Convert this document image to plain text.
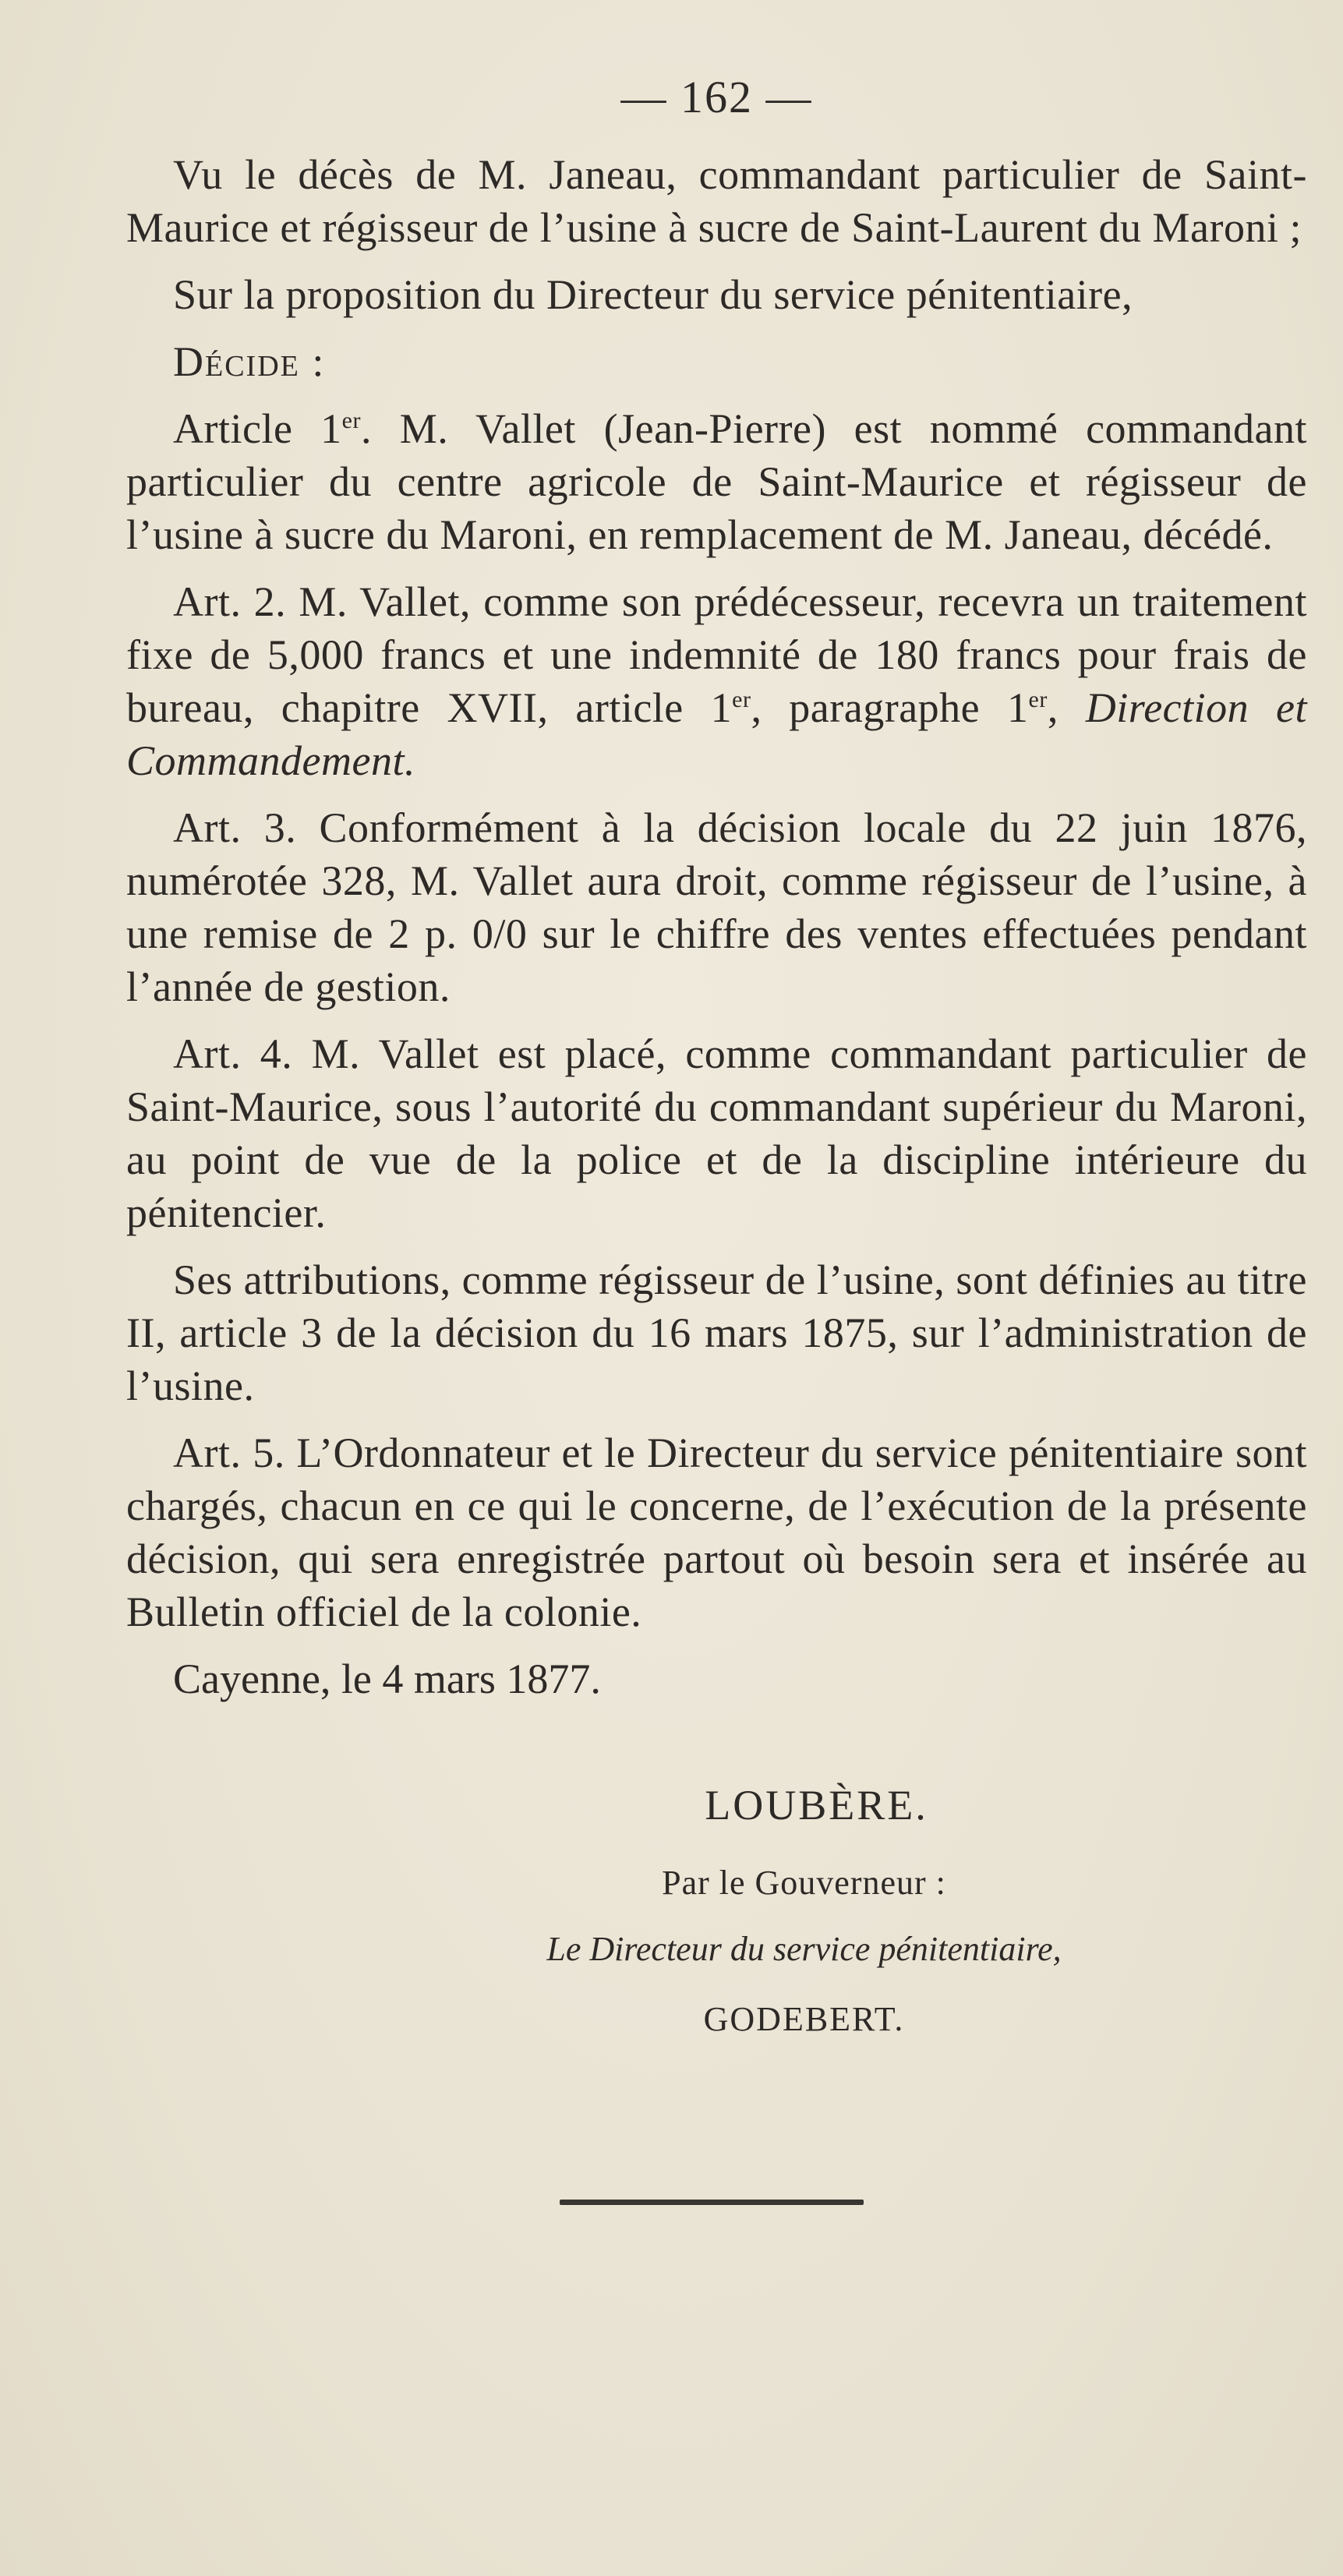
— 162 —

Vu le décès de M. Janeau, commandant particulier de Saint-Maurice et régisseur de l’usine à sucre de Saint-Laurent du Maroni ;

Sur la proposition du Directeur du service pénitentiaire,

Décide :

Article 1er. M. Vallet (Jean-Pierre) est nommé commandant particulier du centre agricole de Saint-Maurice et régisseur de l’usine à sucre du Maroni, en remplacement de M. Janeau, décédé.

Art. 2. M. Vallet, comme son prédécesseur, recevra un traitement fixe de 5,000 francs et une indemnité de 180 francs pour frais de bureau, chapitre XVII, article 1er, paragraphe 1er, Direction et Commandement.

Art. 3. Conformément à la décision locale du 22 juin 1876, numérotée 328, M. Vallet aura droit, comme régisseur de l’usine, à une remise de 2 p. 0/0 sur le chiffre des ventes effectuées pendant l’année de gestion.

Art. 4. M. Vallet est placé, comme commandant particulier de Saint-Maurice, sous l’autorité du commandant supérieur du Maroni, au point de vue de la police et de la discipline intérieure du pénitencier.

Ses attributions, comme régisseur de l’usine, sont définies au titre II, article 3 de la décision du 16 mars 1875, sur l’administration de l’usine.

Art. 5. L’Ordonnateur et le Directeur du service pénitentiaire sont chargés, chacun en ce qui le concerne, de l’exécution de la présente décision, qui sera enregistrée partout où besoin sera et insérée au Bulletin officiel de la colonie.

Cayenne, le 4 mars 1877.
LOUBÈRE.
Par le Gouverneur :
Le Directeur du service pénitentiaire,
GODEBERT.
